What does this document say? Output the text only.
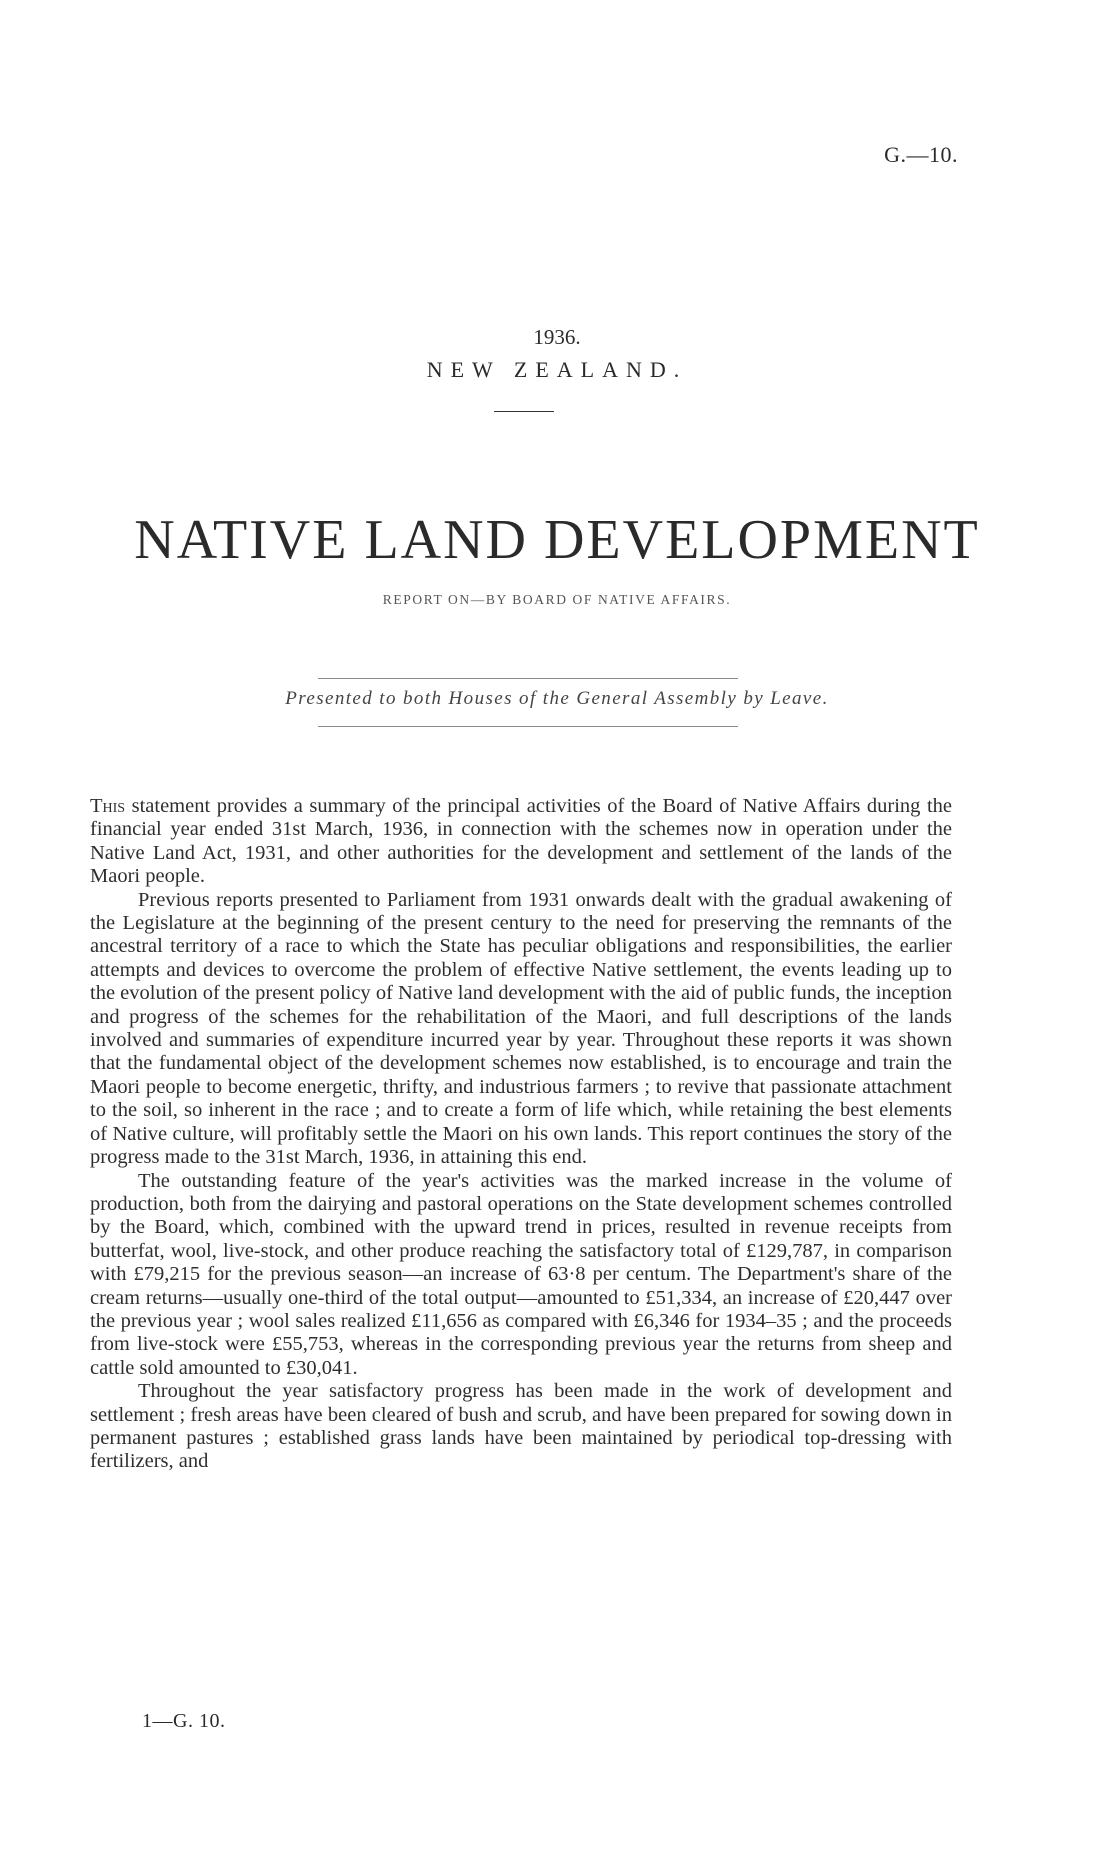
G.—10.
1936.
NEW ZEALAND.
NATIVE LAND DEVELOPMENT
REPORT ON—BY BOARD OF NATIVE AFFAIRS.
Presented to both Houses of the General Assembly by Leave.

This statement provides a summary of the principal activities of the Board of Native Affairs during the financial year ended 31st March, 1936, in connection with the schemes now in operation under the Native Land Act, 1931, and other authorities for the development and settlement of the lands of the Maori people.

Previous reports presented to Parliament from 1931 onwards dealt with the gradual awakening of the Legislature at the beginning of the present century to the need for preserving the remnants of the ancestral territory of a race to which the State has peculiar obligations and responsibilities, the earlier attempts and devices to overcome the problem of effective Native settlement, the events leading up to the evolution of the present policy of Native land development with the aid of public funds, the inception and progress of the schemes for the rehabilitation of the Maori, and full descriptions of the lands involved and summaries of expenditure incurred year by year. Throughout these reports it was shown that the fundamental object of the development schemes now established, is to encourage and train the Maori people to become energetic, thrifty, and industrious farmers ; to revive that passionate attachment to the soil, so inherent in the race ; and to create a form of life which, while retaining the best elements of Native culture, will profitably settle the Maori on his own lands. This report continues the story of the progress made to the 31st March, 1936, in attaining this end.

The outstanding feature of the year's activities was the marked increase in the volume of production, both from the dairying and pastoral operations on the State development schemes controlled by the Board, which, combined with the upward trend in prices, resulted in revenue receipts from butterfat, wool, live-stock, and other produce reaching the satisfactory total of £129,787, in comparison with £79,215 for the previous season—an increase of 63·8 per centum. The Department's share of the cream returns—usually one-third of the total output—amounted to £51,334, an increase of £20,447 over the previous year ; wool sales realized £11,656 as compared with £6,346 for 1934–35 ; and the proceeds from live-stock were £55,753, whereas in the corresponding previous year the returns from sheep and cattle sold amounted to £30,041.

Throughout the year satisfactory progress has been made in the work of development and settlement ; fresh areas have been cleared of bush and scrub, and have been prepared for sowing down in permanent pastures ; established grass lands have been maintained by periodical top-dressing with fertilizers, and

1—G. 10.
